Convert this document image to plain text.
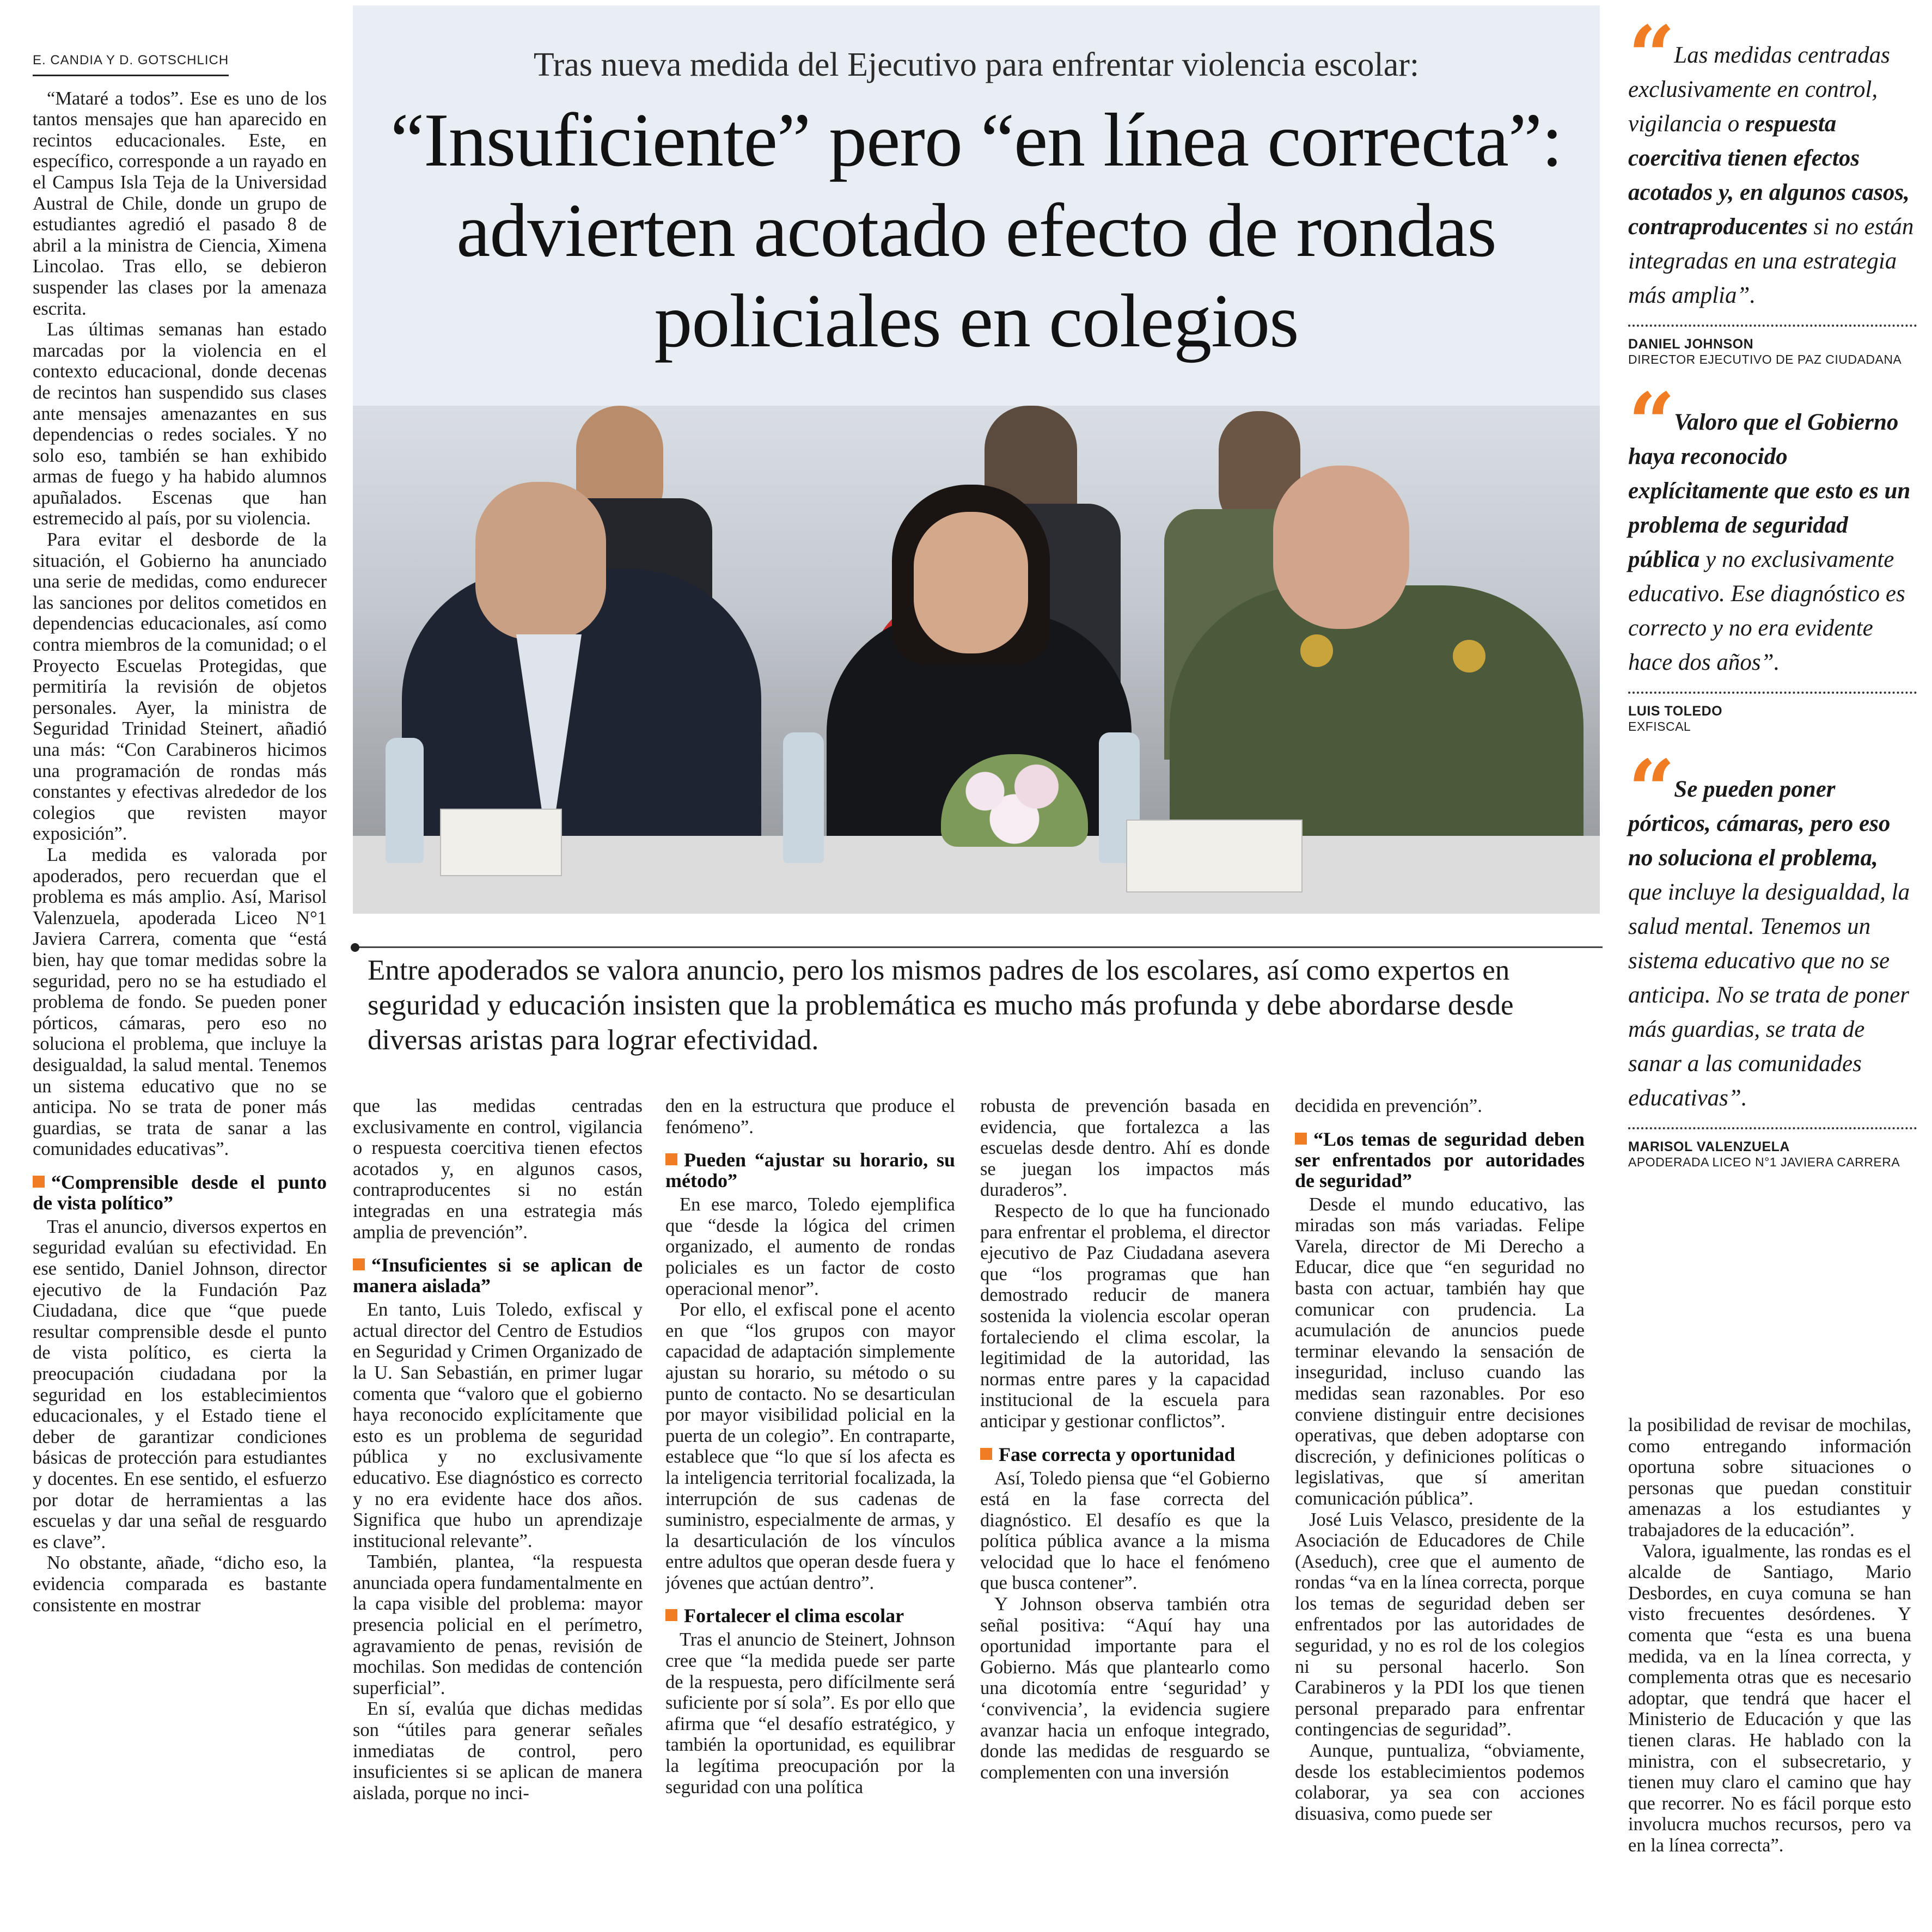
E. CANDIA Y D. GOTSCHLICH

“Mataré a todos”. Ese es uno de los tantos mensajes que han aparecido en recintos educacionales. Este, en específico, corresponde a un rayado en el Campus Isla Teja de la Universidad Austral de Chile, donde un grupo de estudiantes agredió el pasado 8 de abril a la ministra de Ciencia, Ximena Lincolao. Tras ello, se debieron suspender las clases por la amenaza escrita.

Las últimas semanas han estado marcadas por la violencia en el contexto educacional, donde decenas de recintos han suspendido sus clases ante mensajes amenazantes en sus dependencias o redes sociales. Y no solo eso, también se han exhibido armas de fuego y ha habido alumnos apuñalados. Escenas que han estremecido al país, por su violencia.

Para evitar el desborde de la situación, el Gobierno ha anunciado una serie de medidas, como endurecer las sanciones por delitos cometidos en dependencias educacionales, así como contra miembros de la comunidad; o el Proyecto Escuelas Protegidas, que permitiría la revisión de objetos personales. Ayer, la ministra de Seguridad Trinidad Steinert, añadió una más: “Con Carabineros hicimos una programación de rondas más constantes y efectivas alrededor de los colegios que revisten mayor exposición”.

La medida es valorada por apoderados, pero recuerdan que el problema es más amplio. Así, Marisol Valenzuela, apoderada Liceo N°1 Javiera Carrera, comenta que “está bien, hay que tomar medidas sobre la seguridad, pero no se ha estudiado el problema de fondo. Se pueden poner pórticos, cámaras, pero eso no soluciona el problema, que incluye la desigualdad, la salud mental. Tenemos un sistema educativo que no se anticipa. No se trata de poner más guardias, se trata de sanar a las comunidades educativas”.

“Comprensible desde el punto de vista político”

Tras el anuncio, diversos expertos en seguridad evalúan su efectividad. En ese sentido, Daniel Johnson, director ejecutivo de la Fundación Paz Ciudadana, dice que “que puede resultar comprensible desde el punto de vista político, es cierta la preocupación ciudadana por la seguridad en los establecimientos educacionales, y el Estado tiene el deber de garantizar condiciones básicas de protección para estudiantes y docentes. En ese sentido, el esfuerzo por dotar de herramientas a las escuelas y dar una señal de resguardo es clave”.

No obstante, añade, “dicho eso, la evidencia comparada es bastante consistente en mostrar

Tras nueva medida del Ejecutivo para enfrentar violencia escolar:
“Insuficiente” pero “en línea correcta”: advierten acotado efecto de rondas policiales en colegios
Entre apoderados se valora anuncio, pero los mismos padres de los escolares, así como expertos en seguridad y educación insisten que la problemática es mucho más profunda y debe abordarse desde diversas aristas para lograr efectividad.

que las medidas centradas exclusivamente en control, vigilancia o respuesta coercitiva tienen efectos acotados y, en algunos casos, contraproducentes si no están integradas en una estrategia más amplia de prevención”.

“Insuficientes si se aplican de manera aislada”

En tanto, Luis Toledo, exfiscal y actual director del Centro de Estudios en Seguridad y Crimen Organizado de la U. San Sebastián, en primer lugar comenta que “valoro que el gobierno haya reconocido explícitamente que esto es un problema de seguridad pública y no exclusivamente educativo. Ese diagnóstico es correcto y no era evidente hace dos años. Significa que hubo un aprendizaje institucional relevante”.

También, plantea, “la respuesta anunciada opera fundamentalmente en la capa visible del problema: mayor presencia policial en el perímetro, agravamiento de penas, revisión de mochilas. Son medidas de contención superficial”.

En sí, evalúa que dichas medidas son “útiles para generar señales inmediatas de control, pero insuficientes si se aplican de manera aislada, porque no inci-

den en la estructura que produce el fenómeno”.

Pueden “ajustar su horario, su método”

En ese marco, Toledo ejemplifica que “desde la lógica del crimen organizado, el aumento de rondas policiales es un factor de costo operacional menor”.

Por ello, el exfiscal pone el acento en que “los grupos con mayor capacidad de adaptación simplemente ajustan su horario, su método o su punto de contacto. No se desarticulan por mayor visibilidad policial en la puerta de un colegio”. En contraparte, establece que “lo que sí los afecta es la inteligencia territorial focalizada, la interrupción de sus cadenas de suministro, especialmente de armas, y la desarticulación de los vínculos entre adultos que operan desde fuera y jóvenes que actúan dentro”.

Fortalecer el clima escolar

Tras el anuncio de Steinert, Johnson cree que “la medida puede ser parte de la respuesta, pero difícilmente será suficiente por sí sola”. Es por ello que afirma que “el desafío estratégico, y también la oportunidad, es equilibrar la legítima preocupación por la seguridad con una política

robusta de prevención basada en evidencia, que fortalezca a las escuelas desde dentro. Ahí es donde se juegan los impactos más duraderos”.

Respecto de lo que ha funcionado para enfrentar el problema, el director ejecutivo de Paz Ciudadana asevera que “los programas que han demostrado reducir de manera sostenida la violencia escolar operan fortaleciendo el clima escolar, la legitimidad de la autoridad, las normas entre pares y la capacidad institucional de la escuela para anticipar y gestionar conflictos”.

Fase correcta y oportunidad

Así, Toledo piensa que “el Gobierno está en la fase correcta del diagnóstico. El desafío es que la política pública avance a la misma velocidad que lo hace el fenómeno que busca contener”.

Y Johnson observa también otra señal positiva: “Aquí hay una oportunidad importante para el Gobierno. Más que plantearlo como una dicotomía entre ‘seguridad’ y ‘convivencia’, la evidencia sugiere avanzar hacia un enfoque integrado, donde las medidas de resguardo se complementen con una inversión

decidida en prevención”.

“Los temas de seguridad deben ser enfrentados por autoridades de seguridad”

Desde el mundo educativo, las miradas son más variadas. Felipe Varela, director de Mi Derecho a Educar, dice que “en seguridad no basta con actuar, también hay que comunicar con prudencia. La acumulación de anuncios puede terminar elevando la sensación de inseguridad, incluso cuando las medidas sean razonables. Por eso conviene distinguir entre decisiones operativas, que deben adoptarse con discreción, y definiciones políticas o legislativas, que sí ameritan comunicación pública”.

José Luis Velasco, presidente de la Asociación de Educadores de Chile (Aseduch), cree que el aumento de rondas “va en la línea correcta, porque los temas de seguridad deben ser enfrentados por las autoridades de seguridad, y no es rol de los colegios ni su personal hacerlo. Son Carabineros y la PDI los que tienen personal preparado para enfrentar contingencias de seguridad”.

Aunque, puntualiza, “obviamente, desde los establecimientos podemos colaborar, ya sea con acciones disuasiva, como puede ser

“ Las medidas centradas exclusivamente en control, vigilancia o respuesta coercitiva tienen efectos acotados y, en algunos casos, contraproducentes si no están integradas en una estrategia más amplia”.
DANIEL JOHNSON
DIRECTOR EJECUTIVO DE PAZ CIUDADANA
“ Valoro que el Gobierno haya reconocido explícitamente que esto es un problema de seguridad pública y no exclusivamente educativo. Ese diagnóstico es correcto y no era evidente hace dos años”.
LUIS TOLEDO
EXFISCAL
“ Se pueden poner pórticos, cámaras, pero eso no soluciona el problema, que incluye la desigualdad, la salud mental. Tenemos un sistema educativo que no se anticipa. No se trata de poner más guardias, se trata de sanar a las comunidades educativas”.
MARISOL VALENZUELA
APODERADA LICEO N°1 JAVIERA CARRERA

la posibilidad de revisar de mochilas, como entregando información oportuna sobre situaciones o personas que puedan constituir amenazas a los estudiantes y trabajadores de la educación”.

Valora, igualmente, las rondas es el alcalde de Santiago, Mario Desbordes, en cuya comuna se han visto frecuentes desórdenes. Y comenta que “esta es una buena medida, va en la línea correcta, y complementa otras que es necesario adoptar, que tendrá que hacer el Ministerio de Educación y que las tienen claras. He hablado con la ministra, con el subsecretario, y tienen muy claro el camino que hay que recorrer. No es fácil porque esto involucra muchos recursos, pero va en la línea correcta”.
